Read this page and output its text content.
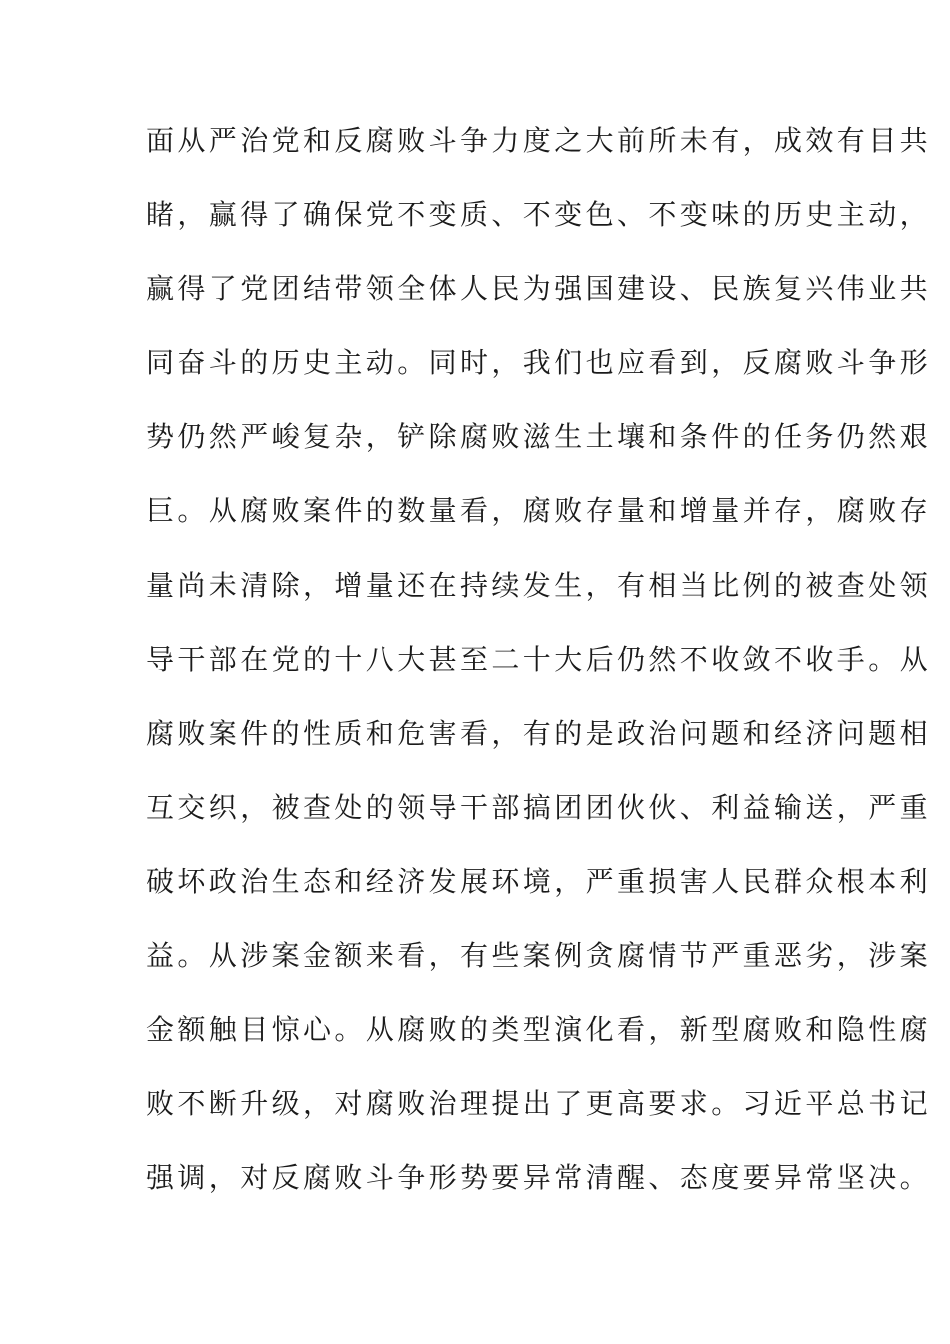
面从严治党和反腐败斗争力度之大前所未有，成效有目共
睹，赢得了确保党不变质、不变色、不变味的历史主动，
赢得了党团结带领全体人民为强国建设、民族复兴伟业共
同奋斗的历史主动。同时，我们也应看到，反腐败斗争形
势仍然严峻复杂，铲除腐败滋生土壤和条件的任务仍然艰
巨。从腐败案件的数量看，腐败存量和增量并存，腐败存
量尚未清除，增量还在持续发生，有相当比例的被查处领
导干部在党的十八大甚至二十大后仍然不收敛不收手。从
腐败案件的性质和危害看，有的是政治问题和经济问题相
互交织，被查处的领导干部搞团团伙伙、利益输送，严重
破坏政治生态和经济发展环境，严重损害人民群众根本利
益。从涉案金额来看，有些案例贪腐情节严重恶劣，涉案
金额触目惊心。从腐败的类型演化看，新型腐败和隐性腐
败不断升级，对腐败治理提出了更高要求。习近平总书记
强调，对反腐败斗争形势要异常清醒、态度要异常坚决。
